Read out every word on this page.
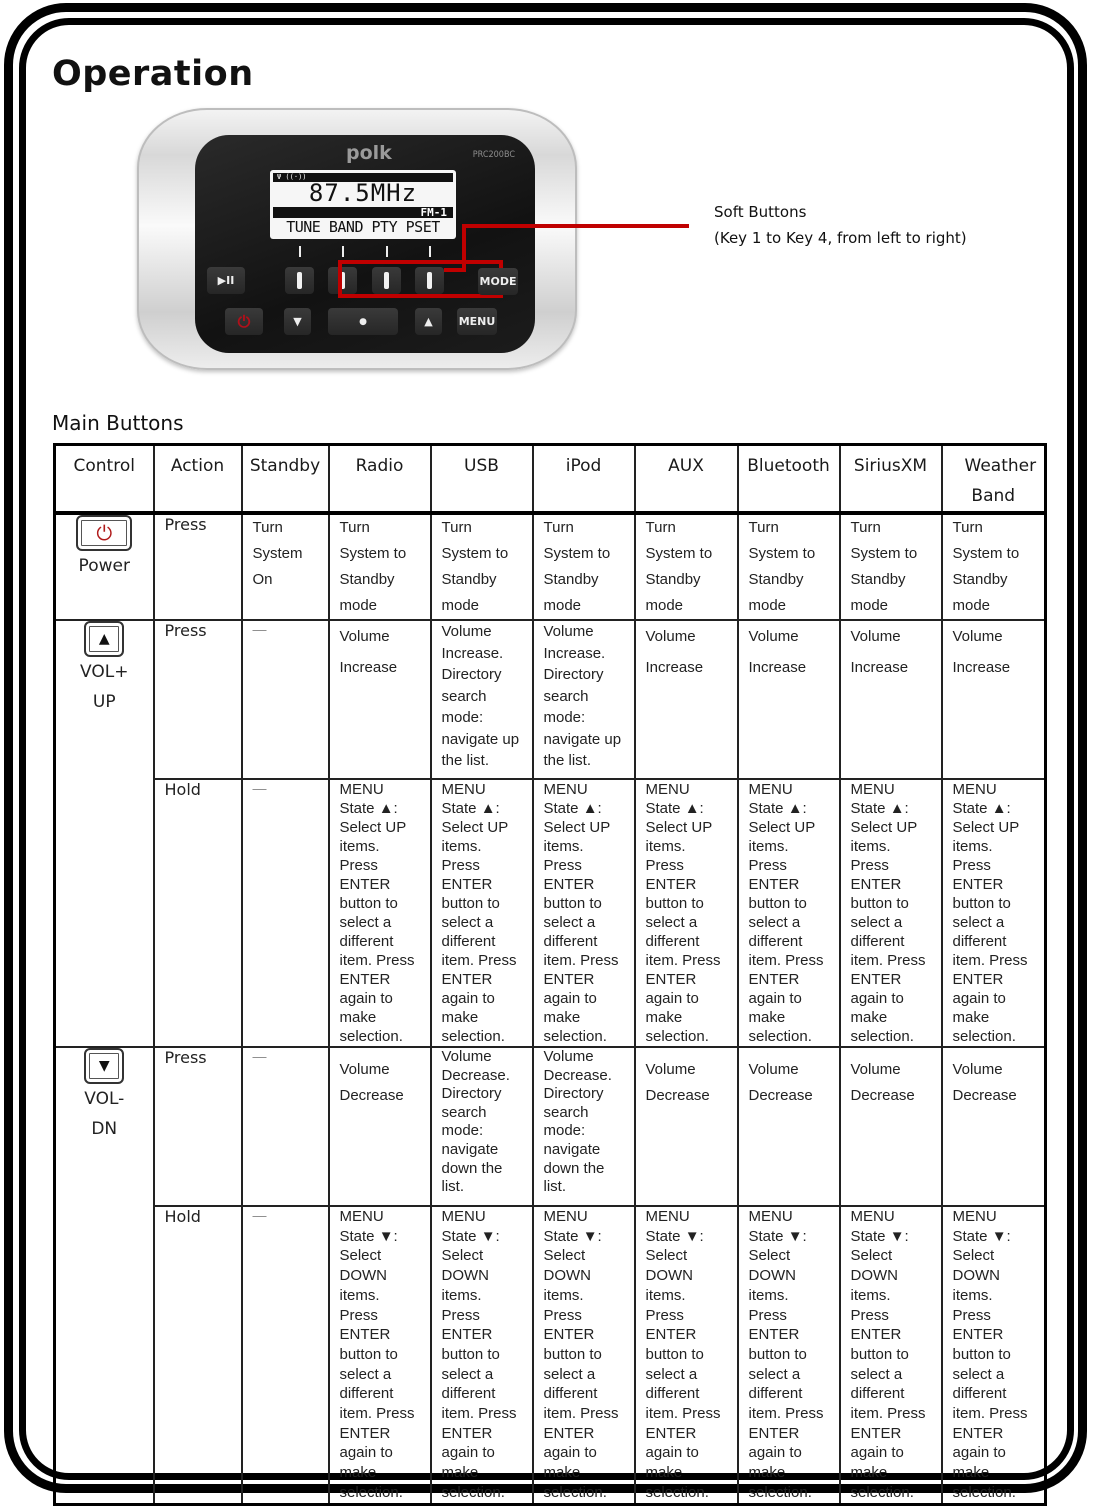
Operation
polk	PRC200BC
Ψ ((·))
87.5MHz
FM-1
TUNE BAND PTY PSET
▶II	MODE
⏻	▼	●	▲ MENU
Soft Buttons
(Key 1 to Key 4, from left to right)
Main Buttons
Control	Action	Standby	Radio	USB	iPod	AUX	Bluetooth	SiriusXM	Weather Band

⏻
Power	Press	Turn System On	Turn System to Standby mode	Turn System to Standby mode	Turn System to Standby mode	Turn System to Standby mode	Turn System to Standby mode	Turn System to Standby mode	Turn System to Standby mode

▲
VOL+
UP	Press	—	Volume Increase	Volume Increase. Directory search mode: navigate up the list.	Volume Increase. Directory search mode: navigate up the list.	Volume Increase	Volume Increase	Volume Increase	Volume Increase
	Hold	—	MENU State ▲: Select UP items. Press ENTER button to select a different item. Press ENTER again to make selection.	MENU State ▲: Select UP items. Press ENTER button to select a different item. Press ENTER again to make selection.	MENU State ▲: Select UP items. Press ENTER button to select a different item. Press ENTER again to make selection.	MENU State ▲: Select UP items. Press ENTER button to select a different item. Press ENTER again to make selection.	MENU State ▲: Select UP items. Press ENTER button to select a different item. Press ENTER again to make selection.	MENU State ▲: Select UP items. Press ENTER button to select a different item. Press ENTER again to make selection.	MENU State ▲: Select UP items. Press ENTER button to select a different item. Press ENTER again to make selection.

▼
VOL-
DN	Press	—	Volume Decrease	Volume Decrease. Directory search mode: navigate down the list.	Volume Decrease. Directory search mode: navigate down the list.	Volume Decrease	Volume Decrease	Volume Decrease	Volume Decrease
	Hold	—	MENU State ▼: Select DOWN items. Press ENTER button to select a different item. Press ENTER again to make selection.	MENU State ▼: Select DOWN items. Press ENTER button to select a different item. Press ENTER again to make selection.	MENU State ▼: Select DOWN items. Press ENTER button to select a different item. Press ENTER again to make selection.	MENU State ▼: Select DOWN items. Press ENTER button to select a different item. Press ENTER again to make selection.	MENU State ▼: Select DOWN items. Press ENTER button to select a different item. Press ENTER again to make selection.	MENU State ▼: Select DOWN items. Press ENTER button to select a different item. Press ENTER again to make selection.	MENU State ▼: Select DOWN items. Press ENTER button to select a different item. Press ENTER again to make selection.
